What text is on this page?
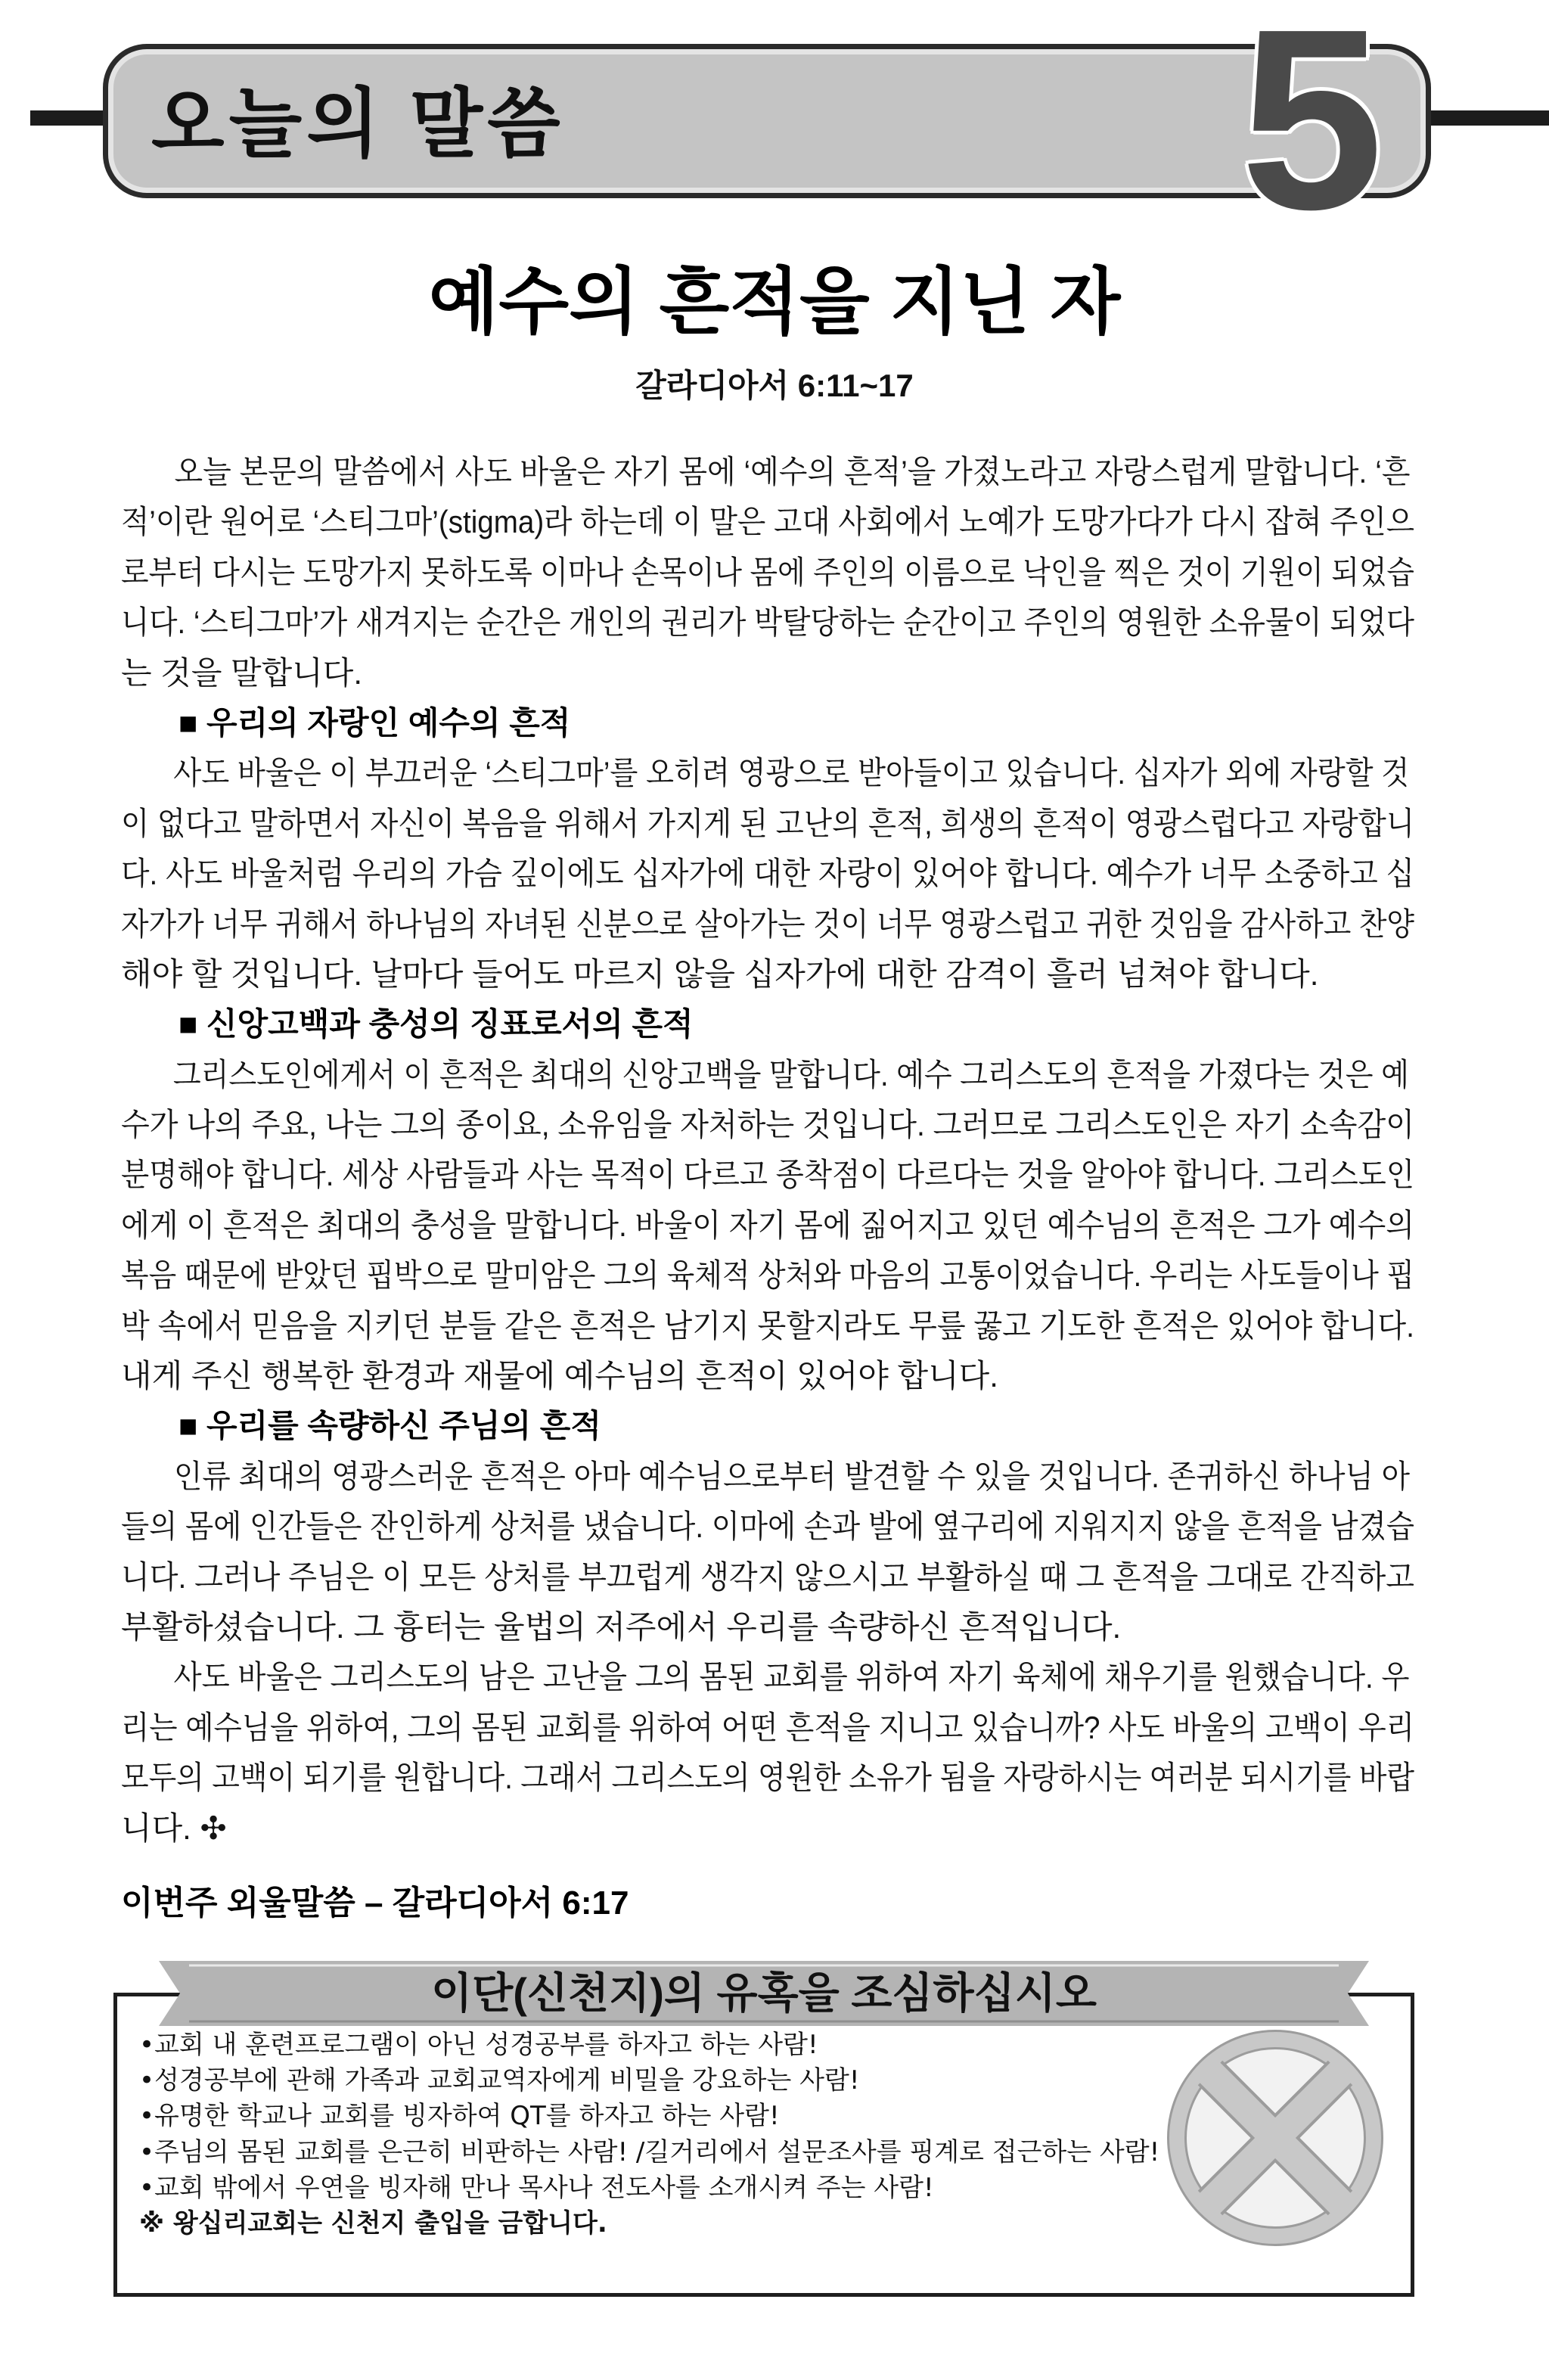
오늘의 말씀	5
예수의 흔적을 지닌 자
갈라디아서 6:11~17
오늘 본문의 말씀에서 사도 바울은 자기 몸에 ‘예수의 흔적’을 가졌노라고 자랑스럽게 말합니다. ‘흔
적’이란 원어로 ‘스티그마’(stigma)라 하는데 이 말은 고대 사회에서 노예가 도망가다가 다시 잡혀 주인으
로부터 다시는 도망가지 못하도록 이마나 손목이나 몸에 주인의 이름으로 낙인을 찍은 것이 기원이 되었습
니다. ‘스티그마’가 새겨지는 순간은 개인의 권리가 박탈당하는 순간이고 주인의 영원한 소유물이 되었다
는 것을 말합니다.
■ 우리의 자랑인 예수의 흔적
사도 바울은 이 부끄러운 ‘스티그마’를 오히려 영광으로 받아들이고 있습니다. 십자가 외에 자랑할 것
이 없다고 말하면서 자신이 복음을 위해서 가지게 된 고난의 흔적, 희생의 흔적이 영광스럽다고 자랑합니
다. 사도 바울처럼 우리의 가슴 깊이에도 십자가에 대한 자랑이 있어야 합니다. 예수가 너무 소중하고 십
자가가 너무 귀해서 하나님의 자녀된 신분으로 살아가는 것이 너무 영광스럽고 귀한 것임을 감사하고 찬양
해야 할 것입니다. 날마다 들어도 마르지 않을 십자가에 대한 감격이 흘러 넘쳐야 합니다.
■ 신앙고백과 충성의 징표로서의 흔적
그리스도인에게서 이 흔적은 최대의 신앙고백을 말합니다. 예수 그리스도의 흔적을 가졌다는 것은 예
수가 나의 주요, 나는 그의 종이요, 소유임을 자처하는 것입니다. 그러므로 그리스도인은 자기 소속감이
분명해야 합니다. 세상 사람들과 사는 목적이 다르고 종착점이 다르다는 것을 알아야 합니다. 그리스도인
에게 이 흔적은 최대의 충성을 말합니다. 바울이 자기 몸에 짊어지고 있던 예수님의 흔적은 그가 예수의
복음 때문에 받았던 핍박으로 말미암은 그의 육체적 상처와 마음의 고통이었습니다. 우리는 사도들이나 핍
박 속에서 믿음을 지키던 분들 같은 흔적은 남기지 못할지라도 무릎 꿇고 기도한 흔적은 있어야 합니다.
내게 주신 행복한 환경과 재물에 예수님의 흔적이 있어야 합니다.
■ 우리를 속량하신 주님의 흔적
인류 최대의 영광스러운 흔적은 아마 예수님으로부터 발견할 수 있을 것입니다. 존귀하신 하나님 아
들의 몸에 인간들은 잔인하게 상처를 냈습니다. 이마에 손과 발에 옆구리에 지워지지 않을 흔적을 남겼습
니다. 그러나 주님은 이 모든 상처를 부끄럽게 생각지 않으시고 부활하실 때 그 흔적을 그대로 간직하고
부활하셨습니다. 그 흉터는 율법의 저주에서 우리를 속량하신 흔적입니다.
사도 바울은 그리스도의 남은 고난을 그의 몸된 교회를 위하여 자기 육체에 채우기를 원했습니다. 우
리는 예수님을 위하여, 그의 몸된 교회를 위하여 어떤 흔적을 지니고 있습니까? 사도 바울의 고백이 우리
모두의 고백이 되기를 원합니다. 그래서 그리스도의 영원한 소유가 됨을 자랑하시는 여러분 되시기를 바랍
니다. ✣
이번주 외울말씀 – 갈라디아서 6:17
이단(신천지)의 유혹을 조심하십시오
•교회 내 훈련프로그램이 아닌 성경공부를 하자고 하는 사람!
•성경공부에 관해 가족과 교회교역자에게 비밀을 강요하는 사람!
•유명한 학교나 교회를 빙자하여 QT를 하자고 하는 사람!
•주님의 몸된 교회를 은근히 비판하는 사람! /길거리에서 설문조사를 핑계로 접근하는 사람!
•교회 밖에서 우연을 빙자해 만나 목사나 전도사를 소개시켜 주는 사람!
※ 왕십리교회는 신천지 출입을 금합니다.
